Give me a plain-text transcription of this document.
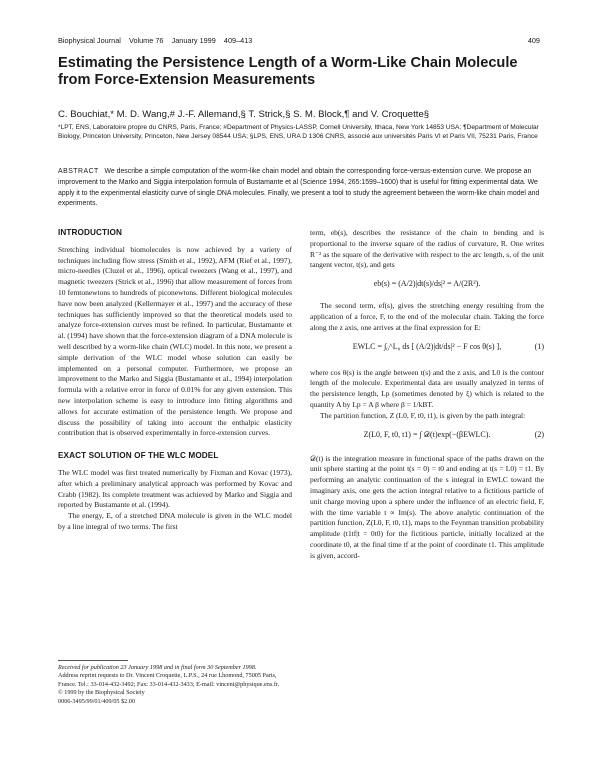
Biophysical Journal Volume 76 January 1999 409–413	409
Estimating the Persistence Length of a Worm-Like Chain Molecule from Force-Extension Measurements
C. Bouchiat,* M. D. Wang,# J.-F. Allemand,§ T. Strick,§ S. M. Block,¶ and V. Croquette§
*LPT, ENS, Laboratoire propre du CNRS, Paris, France; #Department of Physics-LASSP, Cornell University, Ithaca, New York 14853 USA; ¶Department of Molecular Biology, Princeton University, Princeton, New Jersey 08544 USA; §LPS, ENS, URA D 1306 CNRS, associé aux universités Paris VI et Paris VII, 75231 Paris, France
ABSTRACT We describe a simple computation of the worm-like chain model and obtain the corresponding force-versus-extension curve. We propose an improvement to the Marko and Siggia interpolation formula of Bustamante et al (Science 1994, 265:1599–1600) that is useful for fitting experimental data. We apply it to the experimental elasticity curve of single DNA molecules. Finally, we present a tool to study the agreement between the worm-like chain model and experiments.
INTRODUCTION

Stretching individual biomolecules is now achieved by a variety of techniques including flow stress (Smith et al., 1992), AFM (Rief et al., 1997), micro-needles (Cluzel et al., 1996), optical tweezers (Wang et al., 1997), and magnetic tweezers (Strick et al., 1996) that allow measurement of forces from 10 femtonewtons to hundreds of piconewtons. Different biological molecules have now been analyzed (Kellermayer et al., 1997) and the accuracy of these techniques has sufficiently improved so that the theoretical models used to analyze force-extension curves must be refined. In particular, Bustamante et al. (1994) have shown that the force-extension diagram of a DNA molecule is well described by a worm-like chain (WLC) model. In this note, we present a simple derivation of the WLC model whose solution can easily be implemented on a personal computer. Furthermore, we propose an improvement to the Marko and Siggia (Bustamante et al., 1994) interpolation formula with a relative error in force of 0.01% for any given extension. This new interpolation scheme is easy to introduce into fitting algorithms and allows for accurate estimation of the persistence length. We propose and discuss the possibility of taking into account the enthalpic elasticity contribution that is observed experimentally in force-extension curves.

EXACT SOLUTION OF THE WLC MODEL

The WLC model was first treated numerically by Fixman and Kovac (1973), after which a preliminary analytical approach was performed by Kovac and Crabb (1982). Its complete treatment was achieved by Marko and Siggia and reported by Bustamante et al. (1994).

The energy, E, of a stretched DNA molecule is given in the WLC model by a line integral of two terms. The first

Received for publication 23 January 1998 and in final form 30 September 1998.

Address reprint requests to Dr. Vincent Croquette, L.P.S., 24 rue Lhomond, 75005 Paris, France. Tel.: 33-014-432-3492; Fax: 33-014-432-3433; E-mail: vincent@physique.ens.fr.

© 1999 by the Biophysical Society

0006-3495/99/01/409/05 $2.00

term, eb(s), describes the resistance of the chain to bending and is proportional to the inverse square of the radius of curvature, R. One writes R⁻² as the square of the derivative with respect to the arc length, s, of the unit tangent vector, t(s), and gets

eb(s) = (A/2)|dt(s)/ds|² = A/(2R²).

The second term, ef(s), gives the stretching energy resulting from the application of a force, F, to the end of the molecular chain. Taking the force along the z axis, one arrives at the final expression for E:

EWLC = ∫₀^L₀ ds [ (A/2)|dt/ds|² − F cos θ(s) ],	(1)

where cos θ(s) is the angle between t(s) and the z axis, and L0 is the contour length of the molecule. Experimental data are usually analyzed in terms of the persistence length, Lp (sometimes denoted by ξ) which is related to the quantity A by Lp = A β where β = 1/kBT.

The partition function, Z (L0, F, t0, t1), is given by the path integral:

Z(L0, F, t0, t1) = ∫ 𝒟(t)exp(−(βEWLC).	(2)

𝒟(t) is the integration measure in functional space of the paths drawn on the unit sphere starting at the point t(s = 0) = t0 and ending at t(s = L0) = t1. By performing an analytic continuation of the s integral in EWLC toward the imaginary axis, one gets the action integral relative to a fictitious particle of unit charge moving upon a sphere under the influence of an electric field, F, with the time variable t ∝ Im(s). The above analytic continuation of the partition function, Z(L0, F, t0, t1), maps to the Feynman transition probability amplitude (t1tf|t = 0t0) for the fictitious particle, initially localized at the coordinate t0, at the final time tf at the point of coordinate t1. This amplitude is given, accord-
